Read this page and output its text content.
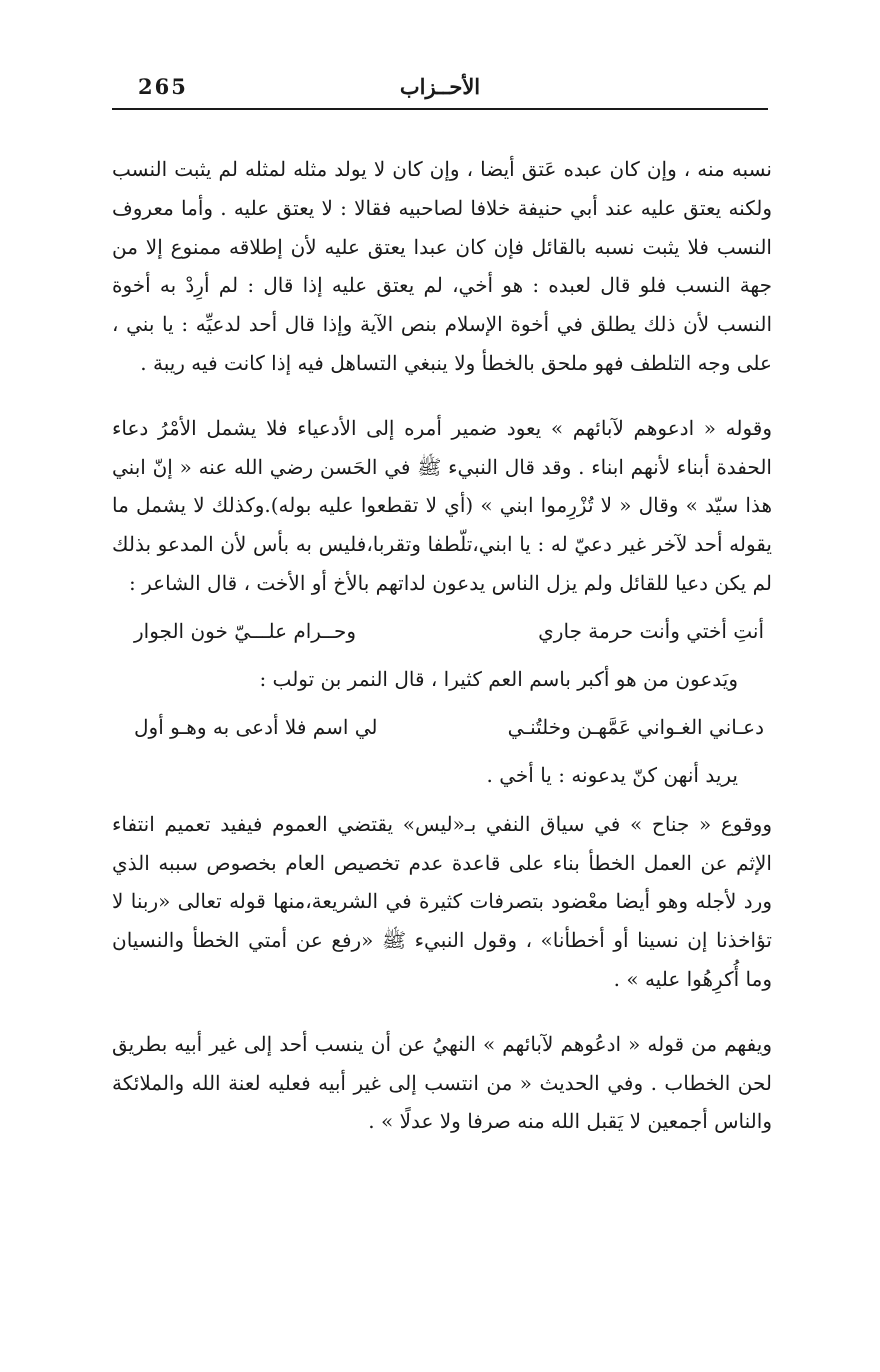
265	الأحــزاب

نسبه منه ، وإن كان عبده عَتق أيضا ، وإن كان لا يولد مثله لمثله لم يثبت النسب ولكنه يعتق عليه عند أبي حنيفة خلافا لصاحبيه فقالا : لا يعتق عليه . وأما معروف النسب فلا يثبت نسبه بالقائل فإن كان عبدا يعتق عليه لأن إطلاقه ممنوع إلا من جهة النسب فلو قال لعبده : هو أخي، لم يعتق عليه إذا قال : لم أرِدْ به أخوة النسب لأن ذلك يطلق في أخوة الإسلام بنص الآية وإذا قال أحد لدعيِّه : يا بني ، على وجه التلطف فهو ملحق بالخطأ ولا ينبغي التساهل فيه إذا كانت فيه ريبة .

وقوله « ادعوهم لآبائهم » يعود ضمير أمره إلى الأدعياء فلا يشمل الأمْرُ دعاء الحفدة أبناء لأنهم ابناء . وقد قال النبيء ﷺ في الحَسن رضي الله عنه « إنّ ابني هذا سيّد » وقال « لا تُزْرِموا ابني » (أي لا تقطعوا عليه بوله).وكذلك لا يشمل ما يقوله أحد لآخر غير دعيّ له : يا ابني،تلّطفا وتقربا،فليس به بأس لأن المدعو بذلك لم يكن دعيا للقائل ولم يزل الناس يدعون لداتهم بالأخ أو الأخت ، قال الشاعر :

أنتِ أختي وأنت حرمة جاري
وحــرام علـــيّ خون الجوار

ويَدعون من هو أكبر باسم العم كثيرا ، قال النمر بن تولب :

دعـاني الغـواني عَمَّهـن وخلتُنـي
لي اسم فلا أدعى به وهـو أول

يريد أنهن كنّ يدعونه : يا أخي .

ووقوع « جناح » في سياق النفي بـ«ليس» يقتضي العموم فيفيد تعميم انتفاء الإثم عن العمل الخطأ بناء على قاعدة عدم تخصيص العام بخصوص سببه الذي ورد لأجله وهو أيضا معْضود بتصرفات كثيرة في الشريعة،منها قوله تعالى «ربنا لا تؤاخذنا إن نسينا أو أخطأنا» ، وقول النبيء ﷺ «رفع عن أمتي الخطأ والنسيان وما أُكرِهُوا عليه » .

ويفهم من قوله « ادعُوهم لآبائهم » النهيُ عن أن ينسب أحد إلى غير أبيه بطريق لحن الخطاب . وفي الحديث « من انتسب إلى غير أبيه فعليه لعنة الله والملائكة والناس أجمعين لا يَقبل الله منه صرفا ولا عدلًا » .
